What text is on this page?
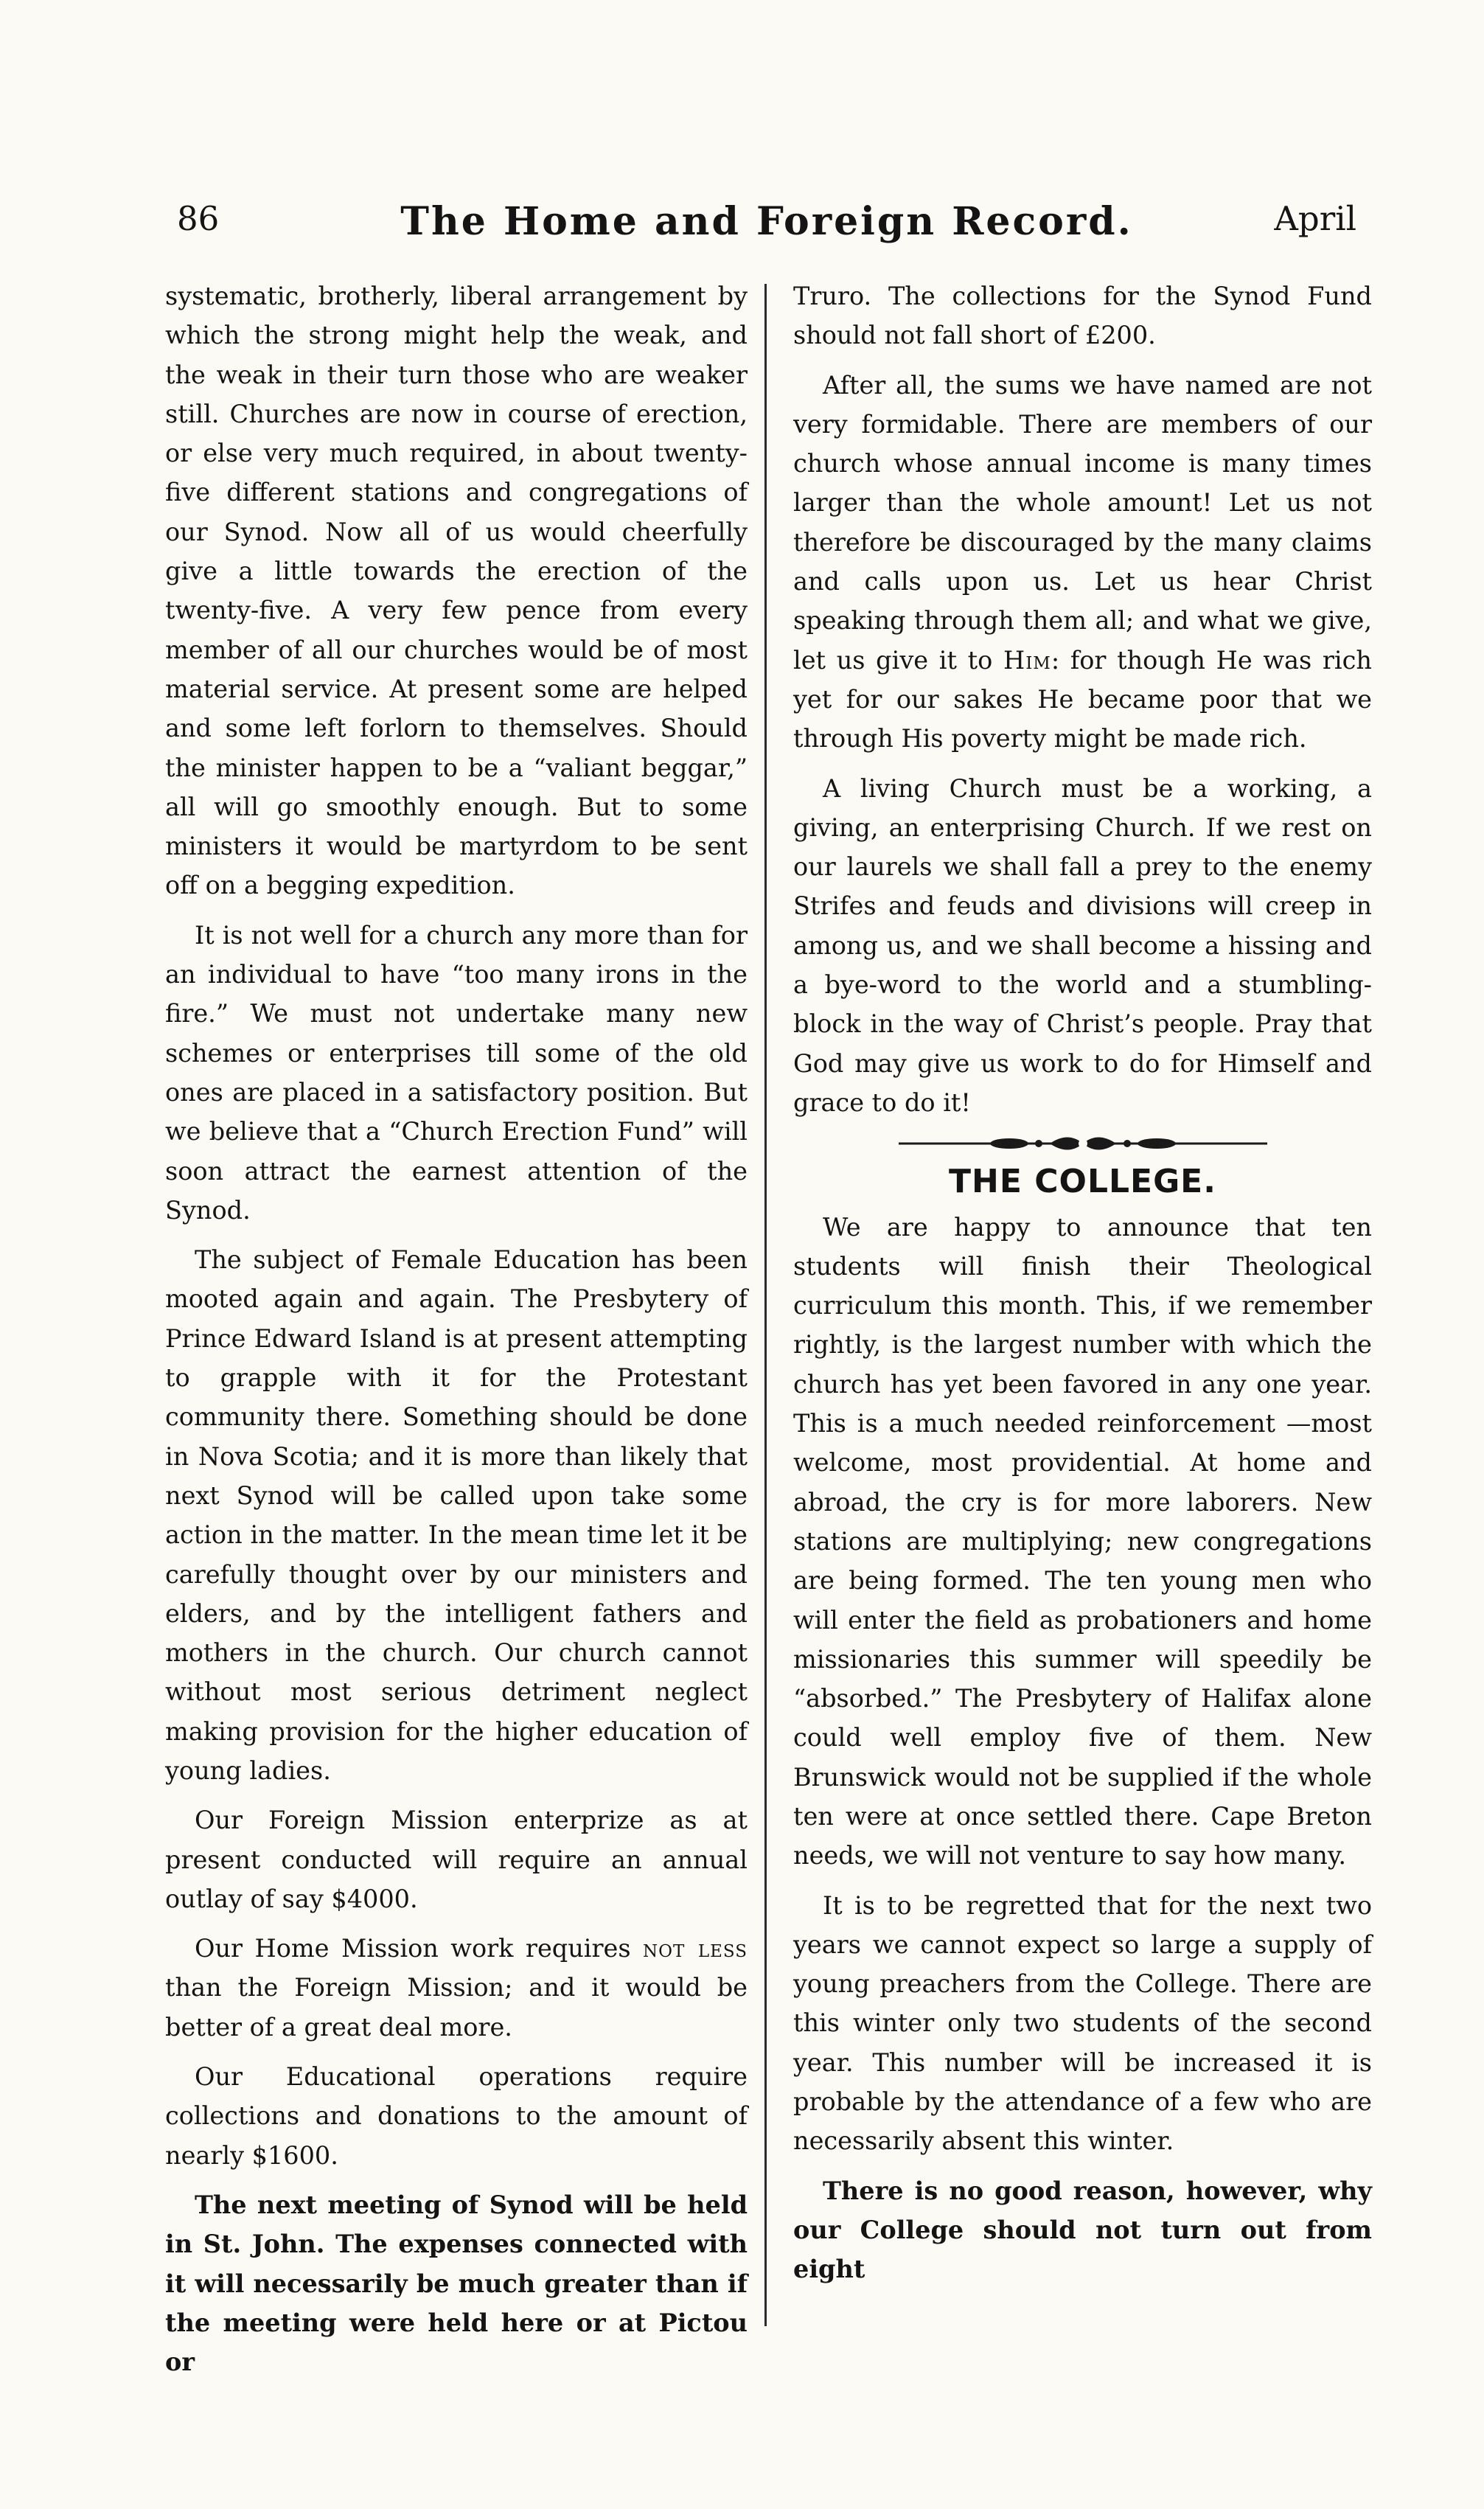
86	The Home and Foreign Record.	April

systematic, brotherly, liberal arrangement by which the strong might help the weak, and the weak in their turn those who are weaker still. Churches are now in course of erection, or else very much required, in about twenty-five different stations and congregations of our Synod. Now all of us would cheerfully give a little towards the erection of the twenty-five. A very few pence from every member of all our churches would be of most material service. At present some are helped and some left forlorn to themselves. Should the minister happen to be a “valiant beggar,” all will go smoothly enough. But to some ministers it would be martyrdom to be sent off on a begging expedition.

It is not well for a church any more than for an individual to have “too many irons in the fire.” We must not undertake many new schemes or enterprises till some of the old ones are placed in a satisfactory position. But we believe that a “Church Erection Fund” will soon attract the earnest attention of the Synod.

The subject of Female Education has been mooted again and again. The Presbytery of Prince Edward Island is at present attempting to grapple with it for the Protestant community there. Something should be done in Nova Scotia; and it is more than likely that next Synod will be called upon take some action in the matter. In the mean time let it be carefully thought over by our ministers and elders, and by the intelligent fathers and mothers in the church. Our church cannot without most serious detriment neglect making provision for the higher education of young ladies.

Our Foreign Mission enterprize as at present conducted will require an annual outlay of say $4000.

Our Home Mission work requires not less than the Foreign Mission; and it would be better of a great deal more.

Our Educational operations require collections and donations to the amount of nearly $1600.

The next meeting of Synod will be held in St. John. The expenses connected with it will necessarily be much greater than if the meeting were held here or at Pictou or

Truro. The collections for the Synod Fund should not fall short of £200.

After all, the sums we have named are not very formidable. There are members of our church whose annual income is many times larger than the whole amount! Let us not therefore be discouraged by the many claims and calls upon us. Let us hear Christ speaking through them all; and what we give, let us give it to Him: for though He was rich yet for our sakes He became poor that we through His poverty might be made rich.

A living Church must be a working, a giving, an enterprising Church. If we rest on our laurels we shall fall a prey to the enemy Strifes and feuds and divisions will creep in among us, and we shall become a hissing and a bye-word to the world and a stumbling-block in the way of Christ’s people. Pray that God may give us work to do for Himself and grace to do it!

THE COLLEGE.

We are happy to announce that ten students will finish their Theological curriculum this month. This, if we remember rightly, is the largest number with which the church has yet been favored in any one year. This is a much needed reinforcement —most welcome, most providential. At home and abroad, the cry is for more laborers. New stations are multiplying; new congregations are being formed. The ten young men who will enter the field as probationers and home missionaries this summer will speedily be “absorbed.” The Presbytery of Halifax alone could well employ five of them. New Brunswick would not be supplied if the whole ten were at once settled there. Cape Breton needs, we will not venture to say how many.

It is to be regretted that for the next two years we cannot expect so large a supply of young preachers from the College. There are this winter only two students of the second year. This number will be increased it is probable by the attendance of a few who are necessarily absent this winter.

There is no good reason, however, why our College should not turn out from eight
